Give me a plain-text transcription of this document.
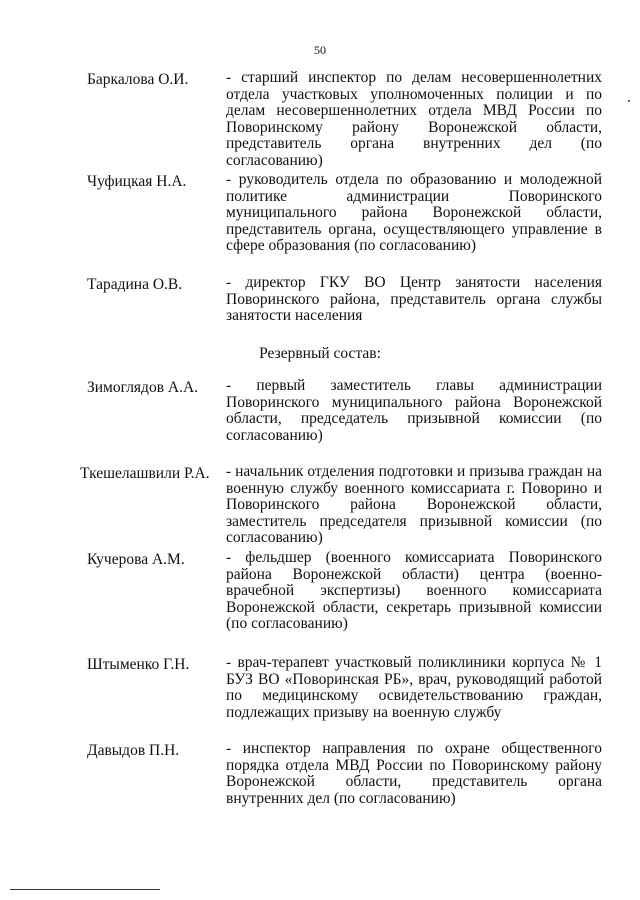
50
Баркалова О.И. - старший инспектор по делам несовершеннолетних отдела участковых уполномоченных полиции и по делам несовершеннолетних отдела МВД России по Поворинскому району Воронежской области, представитель органа внутренних дел (по согласованию)
Чуфицкая Н.А.	- руководитель отдела по образованию и молодежной политике администрации Поворинского муниципального района Воронежской области, представитель органа, осуществляющего управление в сфере образования (по согласованию)
Тарадина О.В.	- директор ГКУ ВО Центр занятости населения Поворинского района, представитель органа службы занятости населения
Резервный состав:
Зимоглядов А.А. - первый заместитель главы администрации Поворинского муниципального района Воронежской области, председатель призывной комиссии (по согласованию)
Ткешелашвили Р.А. - начальник отделения подготовки и призыва граждан на военную службу военного комиссариата г. Поворино и Поворинского района Воронежской области, заместитель председателя призывной комиссии (по согласованию)
Кучерова А.М.	- фельдшер (военного комиссариата Поворинского района Воронежской области) центра (военно-врачебной экспертизы) военного комиссариата Воронежской области, секретарь призывной комиссии (по согласованию)
Штыменко Г.Н. - врач-терапевт участковый поликлиники корпуса № 1 БУЗ ВО «Поворинская РБ», врач, руководящий работой по медицинскому освидетельствованию граждан, подлежащих призыву на военную службу
Давыдов П.Н.	- инспектор направления по охране общественного порядка отдела МВД России по Поворинскому району Воронежской области, представитель органа внутренних дел (по согласованию)
